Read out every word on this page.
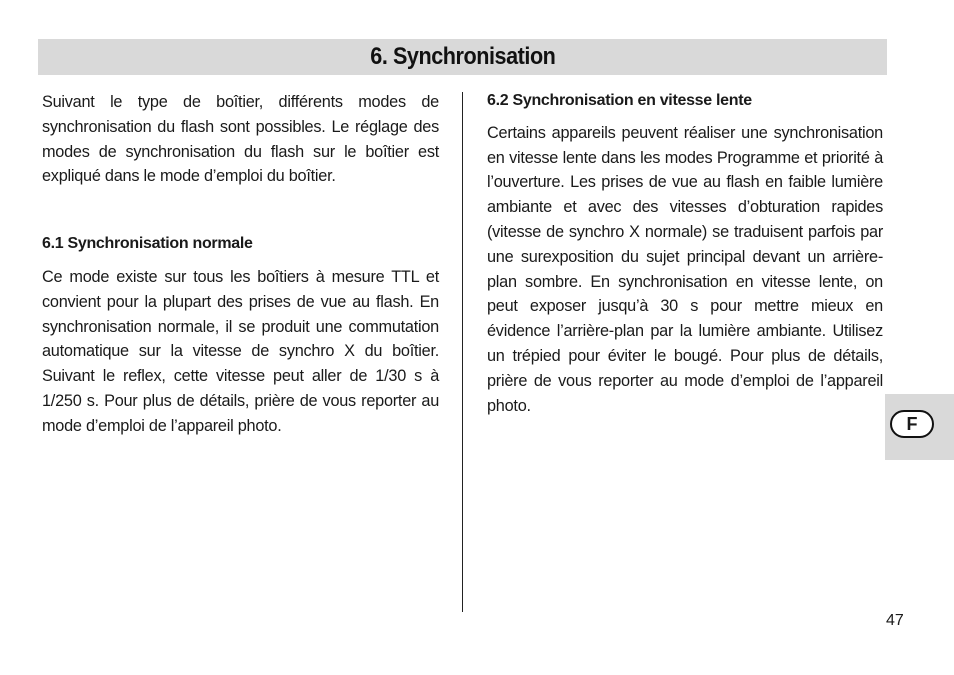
6. Synchronisation

Suivant le type de boîtier, différents modes de synchronisation du flash sont possibles. Le réglage des modes de synchronisation du flash sur le boîtier est expliqué dans le mode d’emploi du boîtier.

6.1 Synchronisation normale

Ce mode existe sur tous les boîtiers à mesure TTL et convient pour la plupart des prises de vue au flash. En synchronisation normale, il se produit une commutation automatique sur la vitesse de synchro X du boîtier. Suivant le reflex, cette vitesse peut aller de 1/30 s à 1/250 s. Pour plus de détails, prière de vous reporter au mode d’emploi de l’appareil photo.

6.2 Synchronisation en vitesse lente

Certains appareils peuvent réaliser une synchronisation en vitesse lente dans les modes Programme et priorité à l’ouverture. Les prises de vue au flash en faible lumière ambiante et avec des vitesses d’obturation rapides (vitesse de synchro X normale) se traduisent parfois par une surexposition du sujet principal devant un arrière-plan sombre. En synchronisation en vitesse lente, on peut exposer jusqu’à 30 s pour mettre mieux en évidence l’arrière-plan par la lumière ambiante. Utilisez un trépied pour éviter le bougé. Pour plus de détails, prière de vous reporter au mode d’emploi de l’appareil photo.

F
47
